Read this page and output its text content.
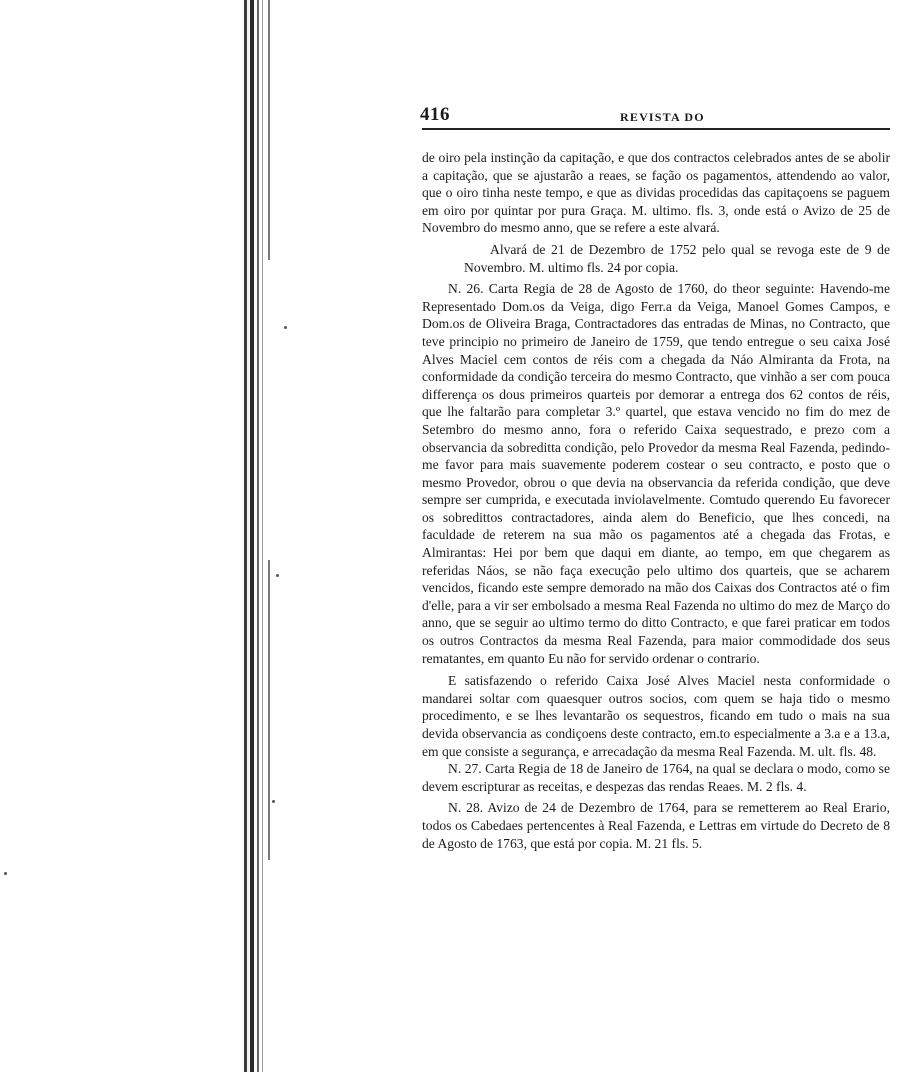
416	REVISTA DO

de oiro pela instinção da capitação, e que dos contractos celebrados antes de se abolir a capitação, que se ajustarão a reaes, se fação os pagamentos, attendendo ao valor, que o oiro tinha neste tempo, e que as dividas procedidas das capitaçoens se paguem em oiro por quintar por pura Graça. M. ultimo. fls. 3, onde está o Avizo de 25 de Novembro do mesmo anno, que se refere a este alvará.

Alvará de 21 de Dezembro de 1752 pelo qual se revoga este de 9 de Novembro. M. ultimo fls. 24 por copia.

N. 26. Carta Regia de 28 de Agosto de 1760, do theor seguinte: Havendo-me Representado Dom.os da Veiga, digo Ferr.a da Veiga, Manoel Gomes Campos, e Dom.os de Oliveira Braga, Contractadores das entradas de Minas, no Contracto, que teve principio no primeiro de Janeiro de 1759, que tendo entregue o seu caixa José Alves Maciel cem contos de réis com a chegada da Náo Almiranta da Frota, na conformidade da condição terceira do mesmo Contracto, que vinhão a ser com pouca differença os dous primeiros quarteis por demorar a entrega dos 62 contos de réis, que lhe faltarão para completar 3.º quartel, que estava vencido no fim do mez de Setembro do mesmo anno, fora o referido Caixa sequestrado, e prezo com a observancia da sobreditta condição, pelo Provedor da mesma Real Fazenda, pedindo-me favor para mais suavemente poderem costear o seu contracto, e posto que o mesmo Provedor, obrou o que devia na observancia da referida condição, que deve sempre ser cumprida, e executada inviolavelmente. Comtudo querendo Eu favorecer os sobredittos contractadores, ainda alem do Beneficio, que lhes concedi, na faculdade de reterem na sua mão os pagamentos até a chegada das Frotas, e Almirantas: Hei por bem que daqui em diante, ao tempo, em que chegarem as referidas Náos, se não faça execução pelo ultimo dos quarteis, que se acharem vencidos, ficando este sempre demorado na mão dos Caixas dos Contractos até o fim d'elle, para a vir ser embolsado a mesma Real Fazenda no ultimo do mez de Março do anno, que se seguir ao ultimo termo do ditto Contracto, e que farei praticar em todos os outros Contractos da mesma Real Fazenda, para maior commodidade dos seus rematantes, em quanto Eu não for servido ordenar o contrario.

E satisfazendo o referido Caixa José Alves Maciel nesta conformidade o mandarei soltar com quaesquer outros socios, com quem se haja tido o mesmo procedimento, e se lhes levantarão os sequestros, ficando em tudo o mais na sua devida observancia as condiçoens deste contracto, em.to especialmente a 3.a e a 13.a, em que consiste a segurança, e arrecadação da mesma Real Fazenda. M. ult. fls. 48.

N. 27. Carta Regia de 18 de Janeiro de 1764, na qual se declara o modo, como se devem escripturar as receitas, e despezas das rendas Reaes. M. 2 fls. 4.

N. 28. Avizo de 24 de Dezembro de 1764, para se remetterem ao Real Erario, todos os Cabedaes pertencentes à Real Fazenda, e Lettras em virtude do Decreto de 8 de Agosto de 1763, que está por copia. M. 21 fls. 5.
